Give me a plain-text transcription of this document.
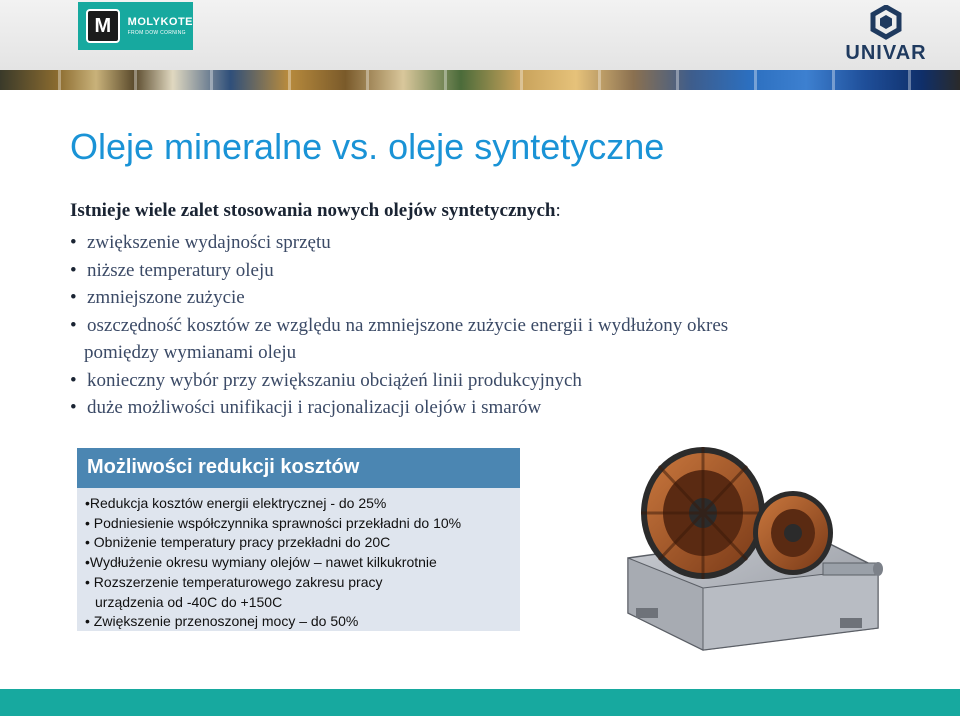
M MOLYKOTE
FROM DOW CORNING
UNIVAR
Oleje mineralne vs. oleje syntetyczne

Istnieje wiele zalet stosowania nowych olejów syntetycznych:

• zwiększenie wydajności sprzętu
• niższe temperatury oleju
• zmniejszone zużycie
• oszczędność kosztów ze względu na zmniejszone zużycie energii i wydłużony okres
pomiędzy wymianami oleju
• konieczny wybór przy zwiększaniu obciążeń linii produkcyjnych
• duże możliwości unifikacji i racjonalizacji olejów i smarów
Możliwości redukcji kosztów
•Redukcja kosztów energii elektrycznej - do 25%
• Podniesienie współczynnika sprawności przekładni do 10%
• Obniżenie temperatury pracy przekładni do 20C
•Wydłużenie okresu wymiany olejów – nawet kilkukrotnie
• Rozszerzenie temperaturowego zakresu pracy
urządzenia od -40C do +150C
• Zwiększenie przenoszonej mocy – do 50%
